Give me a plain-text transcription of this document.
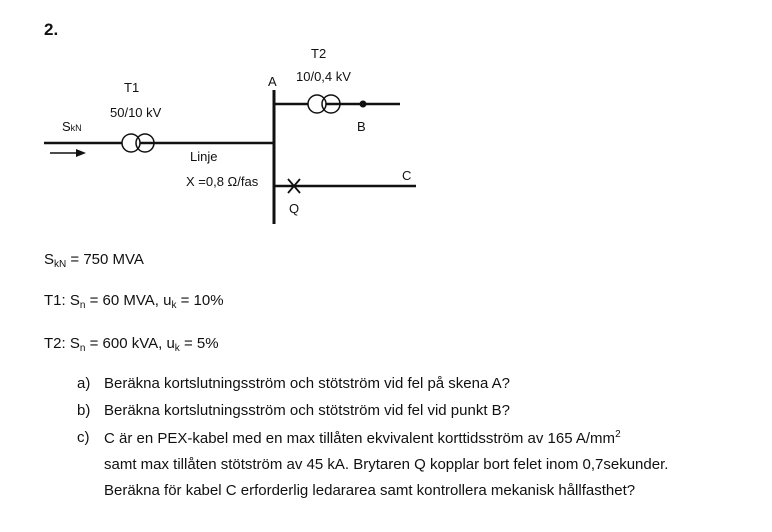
2.
SkN
T1
50/10 kV
Linje
X =0,8 Ω/fas
A
T2
10/0,4 kV
B
Q
C
$S_{kN} = 750$ MVA
T1: $S_n = 60$ MVA, $u_k = 10\%$
T2: $S_n = 600$ kVA, $u_k = 5\%$
a) Beräkna kortslutningsström och stötström vid fel på skena A?
b) Beräkna kortslutningsström och stötström vid fel vid punkt B?
c) C är en PEX-kabel med en max tillåten ekvivalent korttidsström av 165 $A/mm^2$
samt max tillåten stötström av 45 kA. Brytaren Q kopplar bort felet inom 0,7sekunder.
Beräkna för kabel C erforderlig ledararea samt kontrollera mekanisk hållfasthet?
